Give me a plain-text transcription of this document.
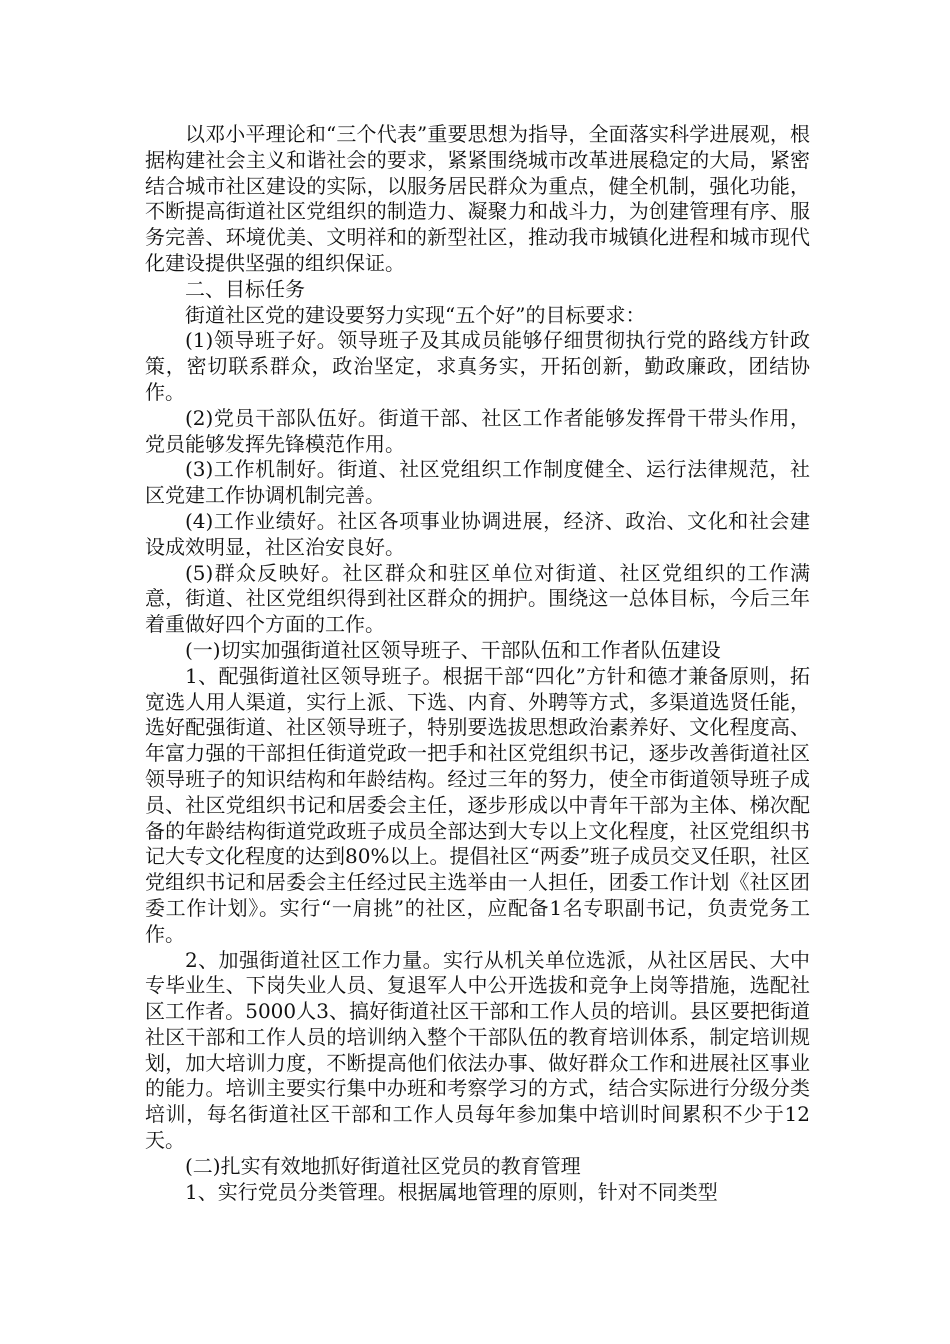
以邓小平理论和“三个代表”重要思想为指导，全面落实科学进展观，根据构建社会主义和谐社会的要求，紧紧围绕城市改革进展稳定的大局，紧密结合城市社区建设的实际，以服务居民群众为重点，健全机制，强化功能，不断提高街道社区党组织的制造力、凝聚力和战斗力，为创建管理有序、服务完善、环境优美、文明祥和的新型社区，推动我市城镇化进程和城市现代化建设提供坚强的组织保证。

二、目标任务

街道社区党的建设要努力实现“五个好”的目标要求：

(1)领导班子好。领导班子及其成员能够仔细贯彻执行党的路线方针政策，密切联系群众，政治坚定，求真务实，开拓创新，勤政廉政，团结协作。

(2)党员干部队伍好。街道干部、社区工作者能够发挥骨干带头作用，党员能够发挥先锋模范作用。

(3)工作机制好。街道、社区党组织工作制度健全、运行法律规范，社区党建工作协调机制完善。

(4)工作业绩好。社区各项事业协调进展，经济、政治、文化和社会建设成效明显，社区治安良好。

(5)群众反映好。社区群众和驻区单位对街道、社区党组织的工作满意，街道、社区党组织得到社区群众的拥护。围绕这一总体目标，今后三年着重做好四个方面的工作。

(一)切实加强街道社区领导班子、干部队伍和工作者队伍建设

1、配强街道社区领导班子。根据干部“四化”方针和德才兼备原则，拓宽选人用人渠道，实行上派、下选、内育、外聘等方式，多渠道选贤任能，选好配强街道、社区领导班子，特别要选拔思想政治素养好、文化程度高、年富力强的干部担任街道党政一把手和社区党组织书记，逐步改善街道社区领导班子的知识结构和年龄结构。经过三年的努力，使全市街道领导班子成员、社区党组织书记和居委会主任，逐步形成以中青年干部为主体、梯次配备的年龄结构街道党政班子成员全部达到大专以上文化程度，社区党组织书记大专文化程度的达到80%以上。提倡社区“两委”班子成员交叉任职，社区党组织书记和居委会主任经过民主选举由一人担任，团委工作计划《社区团委工作计划》。实行“一肩挑”的社区，应配备1名专职副书记，负责党务工作。

2、加强街道社区工作力量。实行从机关单位选派，从社区居民、大中专毕业生、下岗失业人员、复退军人中公开选拔和竞争上岗等措施，选配社区工作者。5000人3、搞好街道社区干部和工作人员的培训。县区要把街道社区干部和工作人员的培训纳入整个干部队伍的教育培训体系，制定培训规划，加大培训力度，不断提高他们依法办事、做好群众工作和进展社区事业的能力。培训主要实行集中办班和考察学习的方式，结合实际进行分级分类培训，每名街道社区干部和工作人员每年参加集中培训时间累积不少于12天。

(二)扎实有效地抓好街道社区党员的教育管理

1、实行党员分类管理。根据属地管理的原则，针对不同类型
